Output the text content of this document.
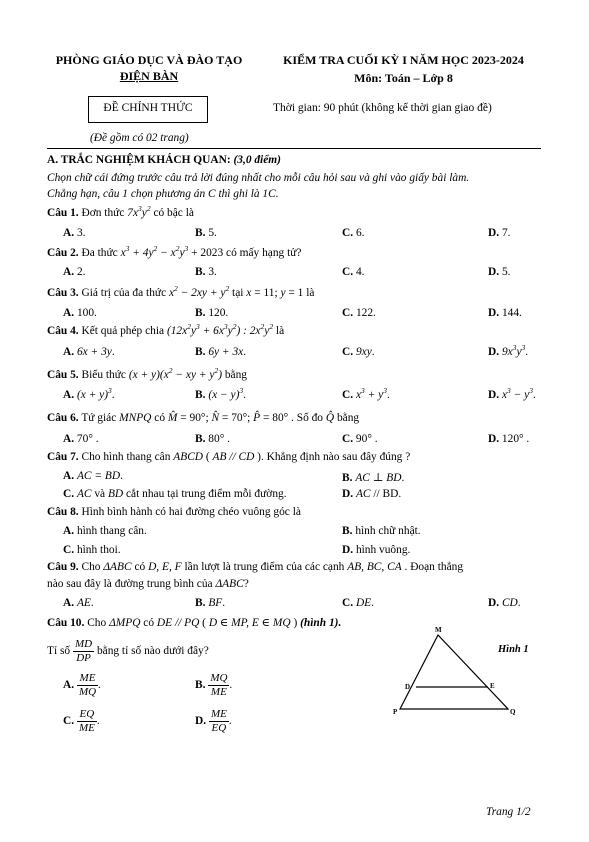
PHÒNG GIÁO DỤC VÀ ĐÀO TẠO
ĐIỆN BÀN
KIỂM TRA CUỐI KỲ I NĂM HỌC 2023-2024
Môn: Toán – Lớp 8
ĐỀ CHÍNH THỨC	Thời gian: 90 phút (không kể thời gian giao đề)
(Đề gồm có 02 trang)
A. TRẮC NGHIỆM KHÁCH QUAN: (3,0 điểm)
Chọn chữ cái đứng trước câu trả lời đúng nhất cho mỗi câu hỏi sau và ghi vào giấy bài làm.
Chẳng hạn, câu 1 chọn phương án C thì ghi là 1C.
Câu 1. Đơn thức $7x^3y^2$ có bậc là
A. 3.	B. 5.	C. 6.	D. 7.
Câu 2. Đa thức $x^3 + 4y^2 - x^2y^3 + 2023$ có mấy hạng tử?
A. 2.	B. 3.	C. 4.	D. 5.
Câu 3. Giá trị của đa thức $x^2 - 2xy + y^2$ tại x = 11; y = 1 là
A. 100.	B. 120.	C. 122.	D. 144.
Câu 4. Kết quả phép chia $(12x^2y^3 + 6x^3y^2)$ : $2x^2y^2$ là
A. 6x + 3y.	B. 6y + 3x.	C. 9xy.	D. $9x^3y^3$.
Câu 5. Biểu thức $(x + y)(x^2$ − xy + $y^2$) bằng
A. $(x + y)^3$.	B. $(x - y)^3$.	C. $x^3 + y^3$.	D. $x^3 - y^3$.
Câu 6. Tứ giác MNPQ có M̂ = 90°; N̂ = 70°; P̂ = 80° . Số đo Q̂ bằng
A. 70° .	B. 80° .	C. 90° .	D. 120° .
Câu 7. Cho hình thang cân ABCD ( AB // CD ). Khẳng định nào sau đây đúng ?
A. AC = BD.	B. AC ⊥ BD.
C. AC và BD cắt nhau tại trung điểm mỗi đường.	D. AC // BD.
Câu 8. Hình bình hành có hai đường chéo vuông góc là
A. hình thang cân.	B. hình chữ nhật.
C. hình thoi.	D. hình vuông.
Câu 9. Cho ΔABC có D, E, F lần lượt là trung điểm của các cạnh AB, BC, CA . Đoạn thẳng
nào sau đây là đường trung bình của ΔABC?
A. AE.	B. BF.	C. DE.	D. CD.
Câu 10. Cho ΔMPQ có DE // PQ ( D ∈ MP, E ∈ MQ ) (hình 1).
Tỉ số $\frac{MD}{DP}$ bằng tỉ số nào dưới đây?
A. $\frac{ME}{MQ}$ .	B. $\frac{MQ}{ME}$ .
C. $\frac{EQ}{ME}$ .	D. $\frac{ME}{EQ}$ .
M
D	E
P	Q
Hình 1
Trang 1/2
